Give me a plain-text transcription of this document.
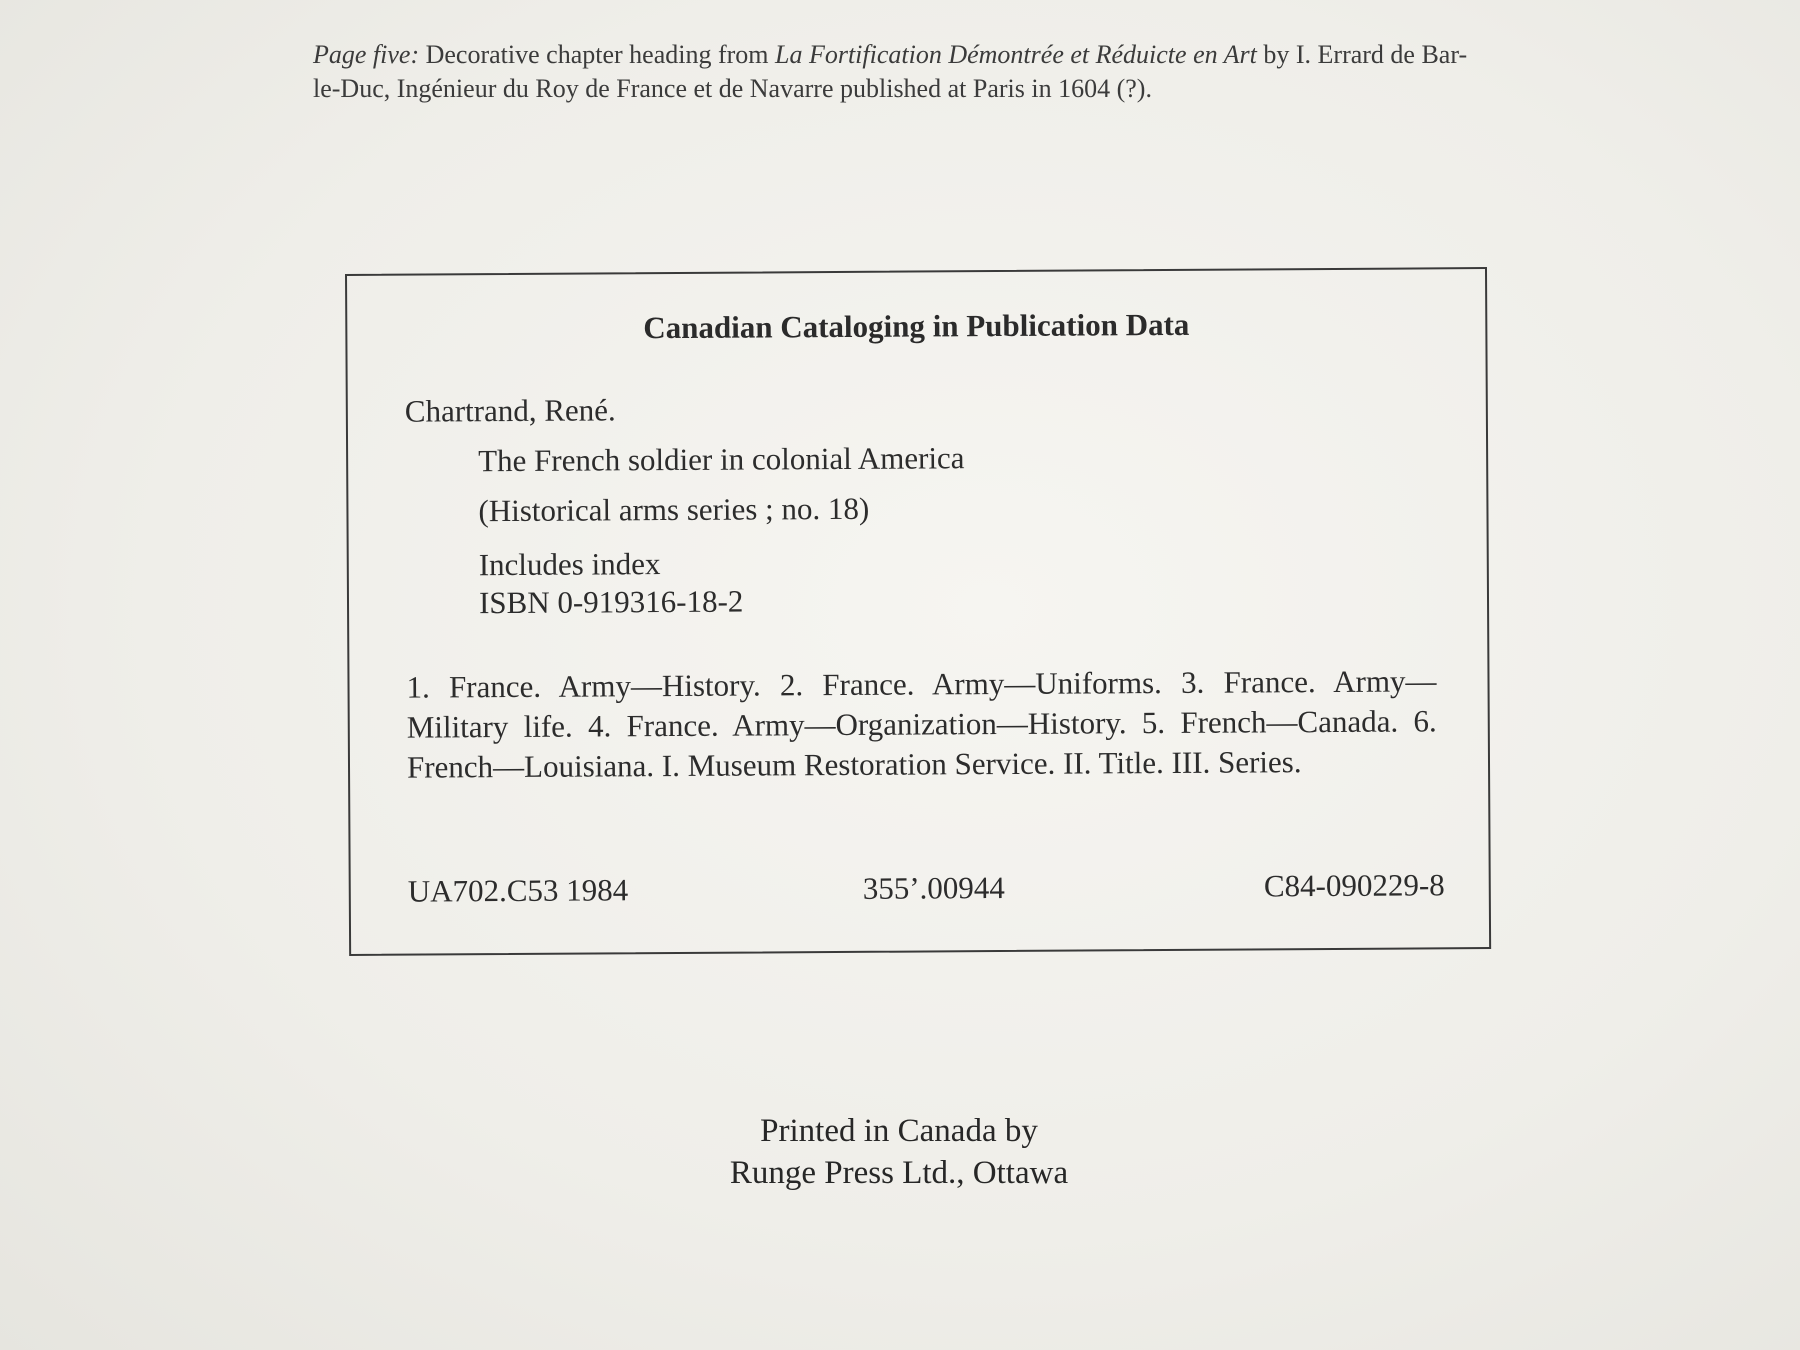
Page five: Decorative chapter heading from La Fortification Démontrée et Réduicte en Art by I. Errard de Bar-le-Duc, Ingénieur du Roy de France et de Navarre published at Paris in 1604 (?).
Canadian Cataloging in Publication Data
Chartrand, René.
The French soldier in colonial America
(Historical arms series ; no. 18)
Includes index
ISBN 0-919316-18-2
1. France. Army—History. 2. France. Army—Uniforms. 3. France. Army—Military life. 4. France. Army—Organization—History. 5. French—Canada. 6. French—Louisiana. I. Museum Restoration Service. II. Title. III. Series.
UA702.C53 1984	355’.00944	C84-090229-8
Printed in Canada by
Runge Press Ltd., Ottawa
